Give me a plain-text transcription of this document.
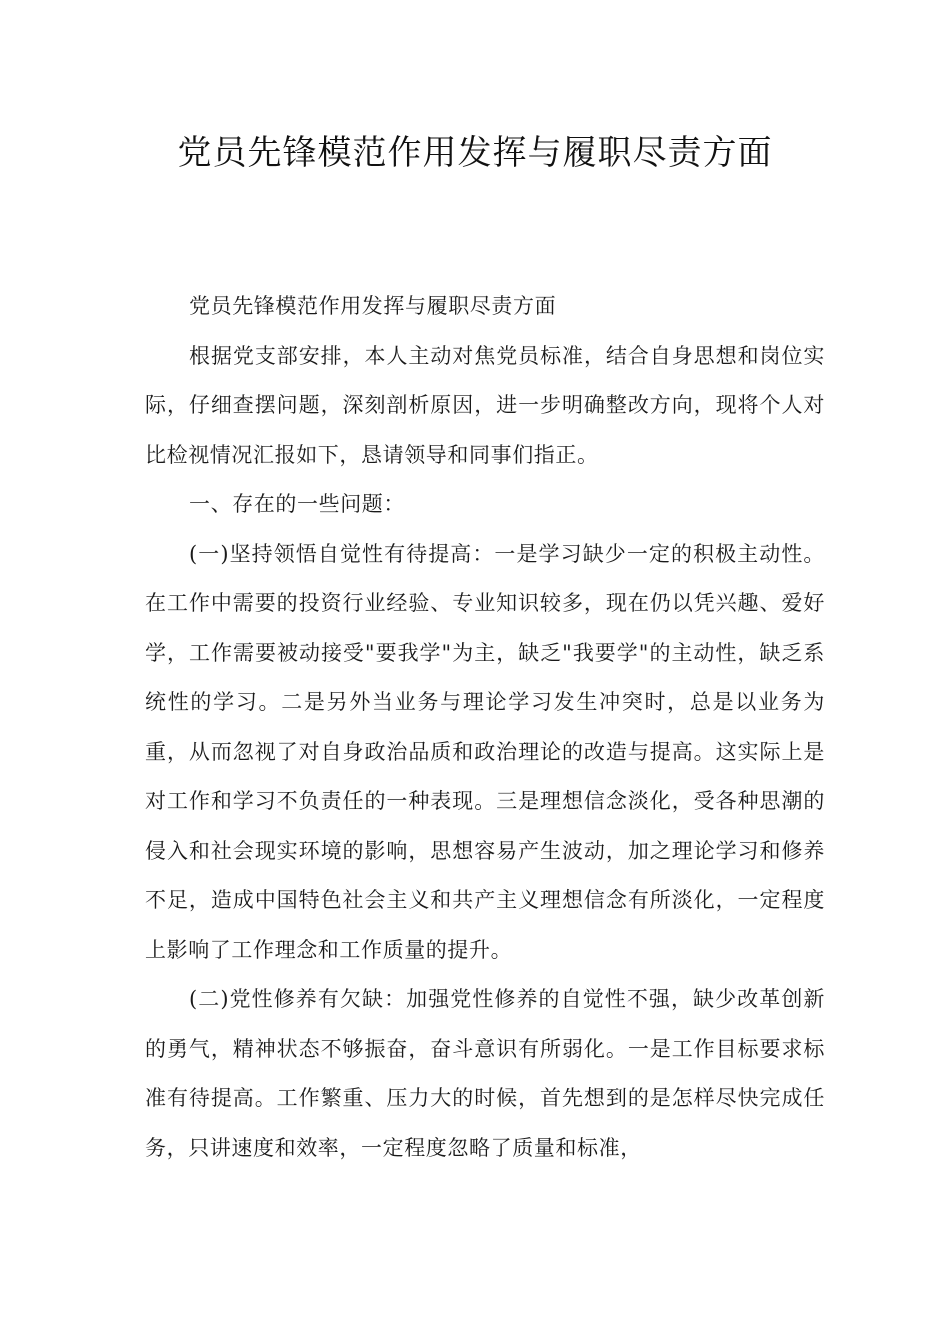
党员先锋模范作用发挥与履职尽责方面

党员先锋模范作用发挥与履职尽责方面

根据党支部安排，本人主动对焦党员标准，结合自身思想和岗位实际，仔细查摆问题，深刻剖析原因，进一步明确整改方向，现将个人对比检视情况汇报如下，恳请领导和同事们指正。

一、存在的一些问题：

(一)坚持领悟自觉性有待提高：一是学习缺少一定的积极主动性。在工作中需要的投资行业经验、专业知识较多，现在仍以凭兴趣、爱好学，工作需要被动接受"要我学"为主，缺乏"我要学"的主动性，缺乏系统性的学习。二是另外当业务与理论学习发生冲突时，总是以业务为重，从而忽视了对自身政治品质和政治理论的改造与提高。这实际上是对工作和学习不负责任的一种表现。三是理想信念淡化，受各种思潮的侵入和社会现实环境的影响，思想容易产生波动，加之理论学习和修养不足，造成中国特色社会主义和共产主义理想信念有所淡化，一定程度上影响了工作理念和工作质量的提升。

(二)党性修养有欠缺：加强党性修养的自觉性不强，缺少改革创新的勇气，精神状态不够振奋，奋斗意识有所弱化。一是工作目标要求标准有待提高。工作繁重、压力大的时候，首先想到的是怎样尽快完成任务，只讲速度和效率，一定程度忽略了质量和标准，
